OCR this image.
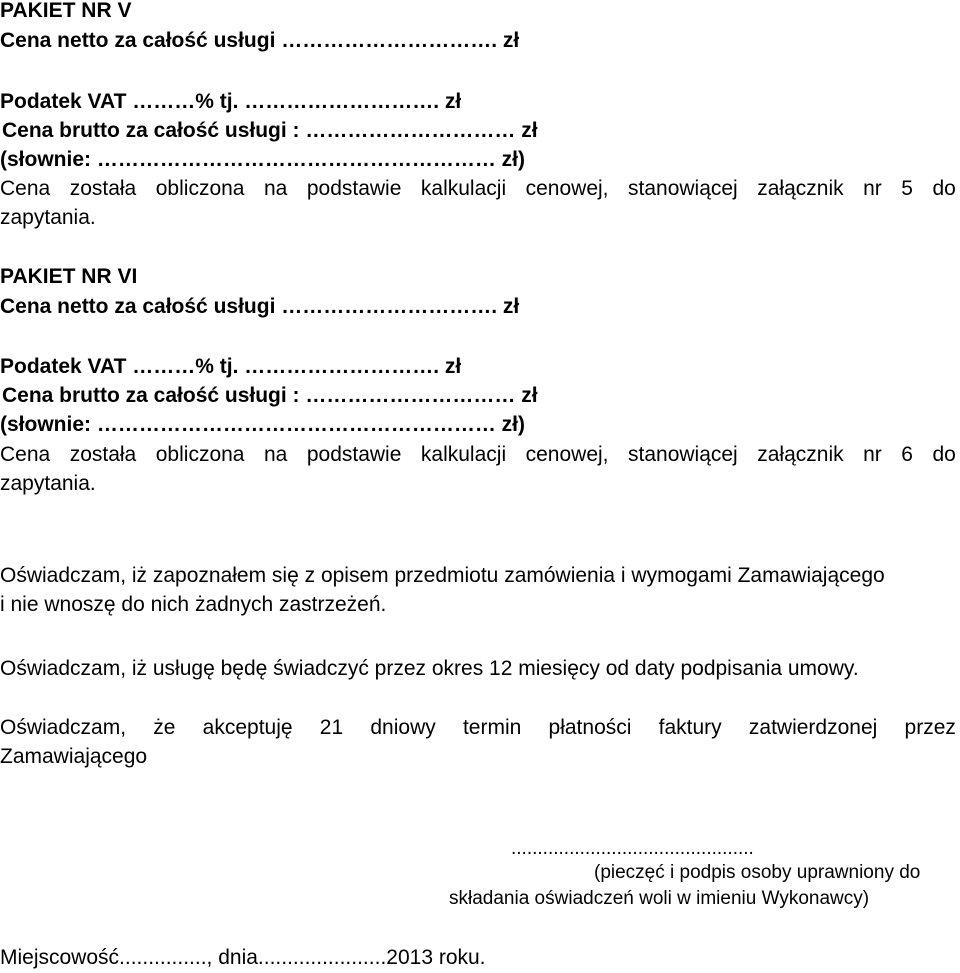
PAKIET NR V
Cena netto za całość usługi …………………………. zł
Podatek VAT ………% tj. ………………………. zł
Cena brutto za całość usługi : ………………………… zł
(słownie: ………………………………………………… zł)
Cena została obliczona na podstawie kalkulacji cenowej, stanowiącej załącznik nr 5 do
zapytania.
PAKIET NR VI
Cena netto za całość usługi …………………………. zł
Podatek VAT ………% tj. ………………………. zł
Cena brutto za całość usługi : ………………………… zł
(słownie: ………………………………………………… zł)
Cena została obliczona na podstawie kalkulacji cenowej, stanowiącej załącznik nr 6 do
zapytania.
Oświadczam, iż zapoznałem się z opisem przedmiotu zamówienia i wymogami Zamawiającego
i nie wnoszę do nich żadnych zastrzeżeń.
Oświadczam, iż usługę będę świadczyć przez okres 12 miesięcy od daty podpisania umowy.
Oświadczam, że akceptuję 21 dniowy termin płatności faktury zatwierdzonej przez
Zamawiającego
..............................................
(pieczęć i podpis osoby uprawniony do
składania oświadczeń woli w imieniu Wykonawcy)
Miejscowość..............., dnia......................2013 roku.
